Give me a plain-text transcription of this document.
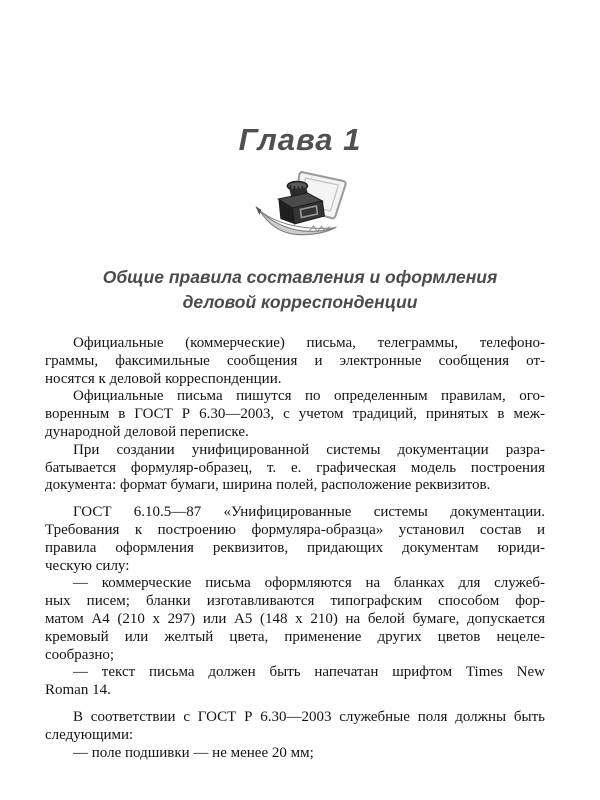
Глава 1
Общие правила составления и оформления
деловой корреспонденции
Официальные (коммерческие) письма, телеграммы, телефоно-
граммы, факсимильные сообщения и электронные сообщения от-
носятся к деловой корреспонденции.
Официальные письма пишутся по определенным правилам, ого-
воренным в ГОСТ Р 6.30—2003, с учетом традиций, принятых в меж-
дународной деловой переписке.
При создании унифицированной системы документации разра-
батывается формуляр-образец, т. е. графическая модель построения
документа: формат бумаги, ширина полей, расположение реквизитов.
ГОСТ 6.10.5—87 «Унифицированные системы документации.
Требования к построению формуляра-образца» установил состав и
правила оформления реквизитов, придающих документам юриди-
ческую силу:
— коммерческие письма оформляются на бланках для служеб-
ных писем; бланки изготавливаются типографским способом фор-
матом A4 (210 x 297) или A5 (148 x 210) на белой бумаге, допускается
кремовый или желтый цвета, применение других цветов нецеле-
сообразно;
— текст письма должен быть напечатан шрифтом Times New
Roman 14.
В соответствии с ГОСТ Р 6.30—2003 служебные поля должны быть
следующими:
— поле подшивки — не менее 20 мм;
